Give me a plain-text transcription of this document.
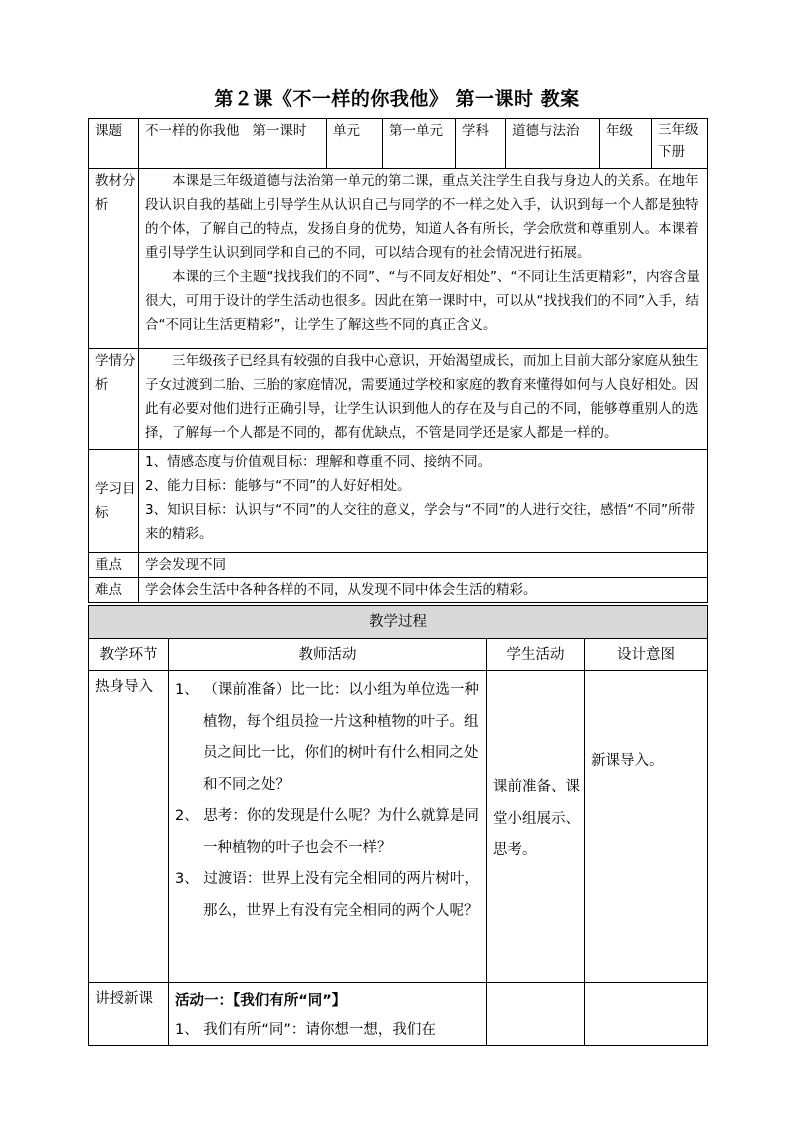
第２课《不一样的你我他》 第一课时 教案
课题	不一样的你我他   第一课时	单元	第一单元	学科	道德与法治	年级	三年级下册
教材分析	本课是三年级道德与法治第一单元的第二课，重点关注学生自我与身边人的关系。在地年段认识自我的基础上引导学生从认识自己与同学的不一样之处入手，认识到每一个人都是独特的个体，了解自己的特点，发扬自身的优势，知道人各有所长，学会欣赏和尊重别人。本课着重引导学生认识到同学和自己的不同，可以结合现有的社会情况进行拓展。
本课的三个主题“找找我们的不同”、“与不同友好相处”、“不同让生活更精彩”，内容含量很大，可用于设计的学生活动也很多。因此在第一课时中，可以从“找找我们的不同”入手，结合“不同让生活更精彩”，让学生了解这些不同的真正含义。						

学情分析	三年级孩子已经具有较强的自我中心意识，开始渴望成长，而加上目前大部分家庭从独生子女过渡到二胎、三胎的家庭情况，需要通过学校和家庭的教育来懂得如何与人良好相处。因此有必要对他们进行正确引导，让学生认识到他人的存在及与自己的不同，能够尊重别人的选择，了解每一个人都是不同的，都有优缺点，不管是同学还是家人都是一样的。						

学习目标	1、情感态度与价值观目标：理解和尊重不同、接纳不同。
2、能力目标：能够与“不同”的人好好相处。
3、知识目标：认识与“不同”的人交往的意义，学会与“不同”的人进行交往，感悟“不同”所带来的精彩。						

重点	学会发现不同						
难点	学会体会生活中各种各样的不同，从发现不同中体会生活的精彩。						
教学过程			
教学环节	教师活动	学生活动	设计意图
热身导入	1、 （课前准备）比一比：以小组为单位选一种植物，每个组员捡一片这种植物的叶子。组员之间比一比，你们的树叶有什么相同之处和不同之处？
2、 思考：你的发现是什么呢？为什么就算是同一种植物的叶子也会不一样？
3、 过渡语：世界上没有完全相同的两片树叶，那么，世界上有没有完全相同的两个人呢？	课前准备、课堂小组展示、思考。	新课导入。

讲授新课	活动一：【我们有所“同”】
1、 我们有所“同”：请你想一想，我们在		
